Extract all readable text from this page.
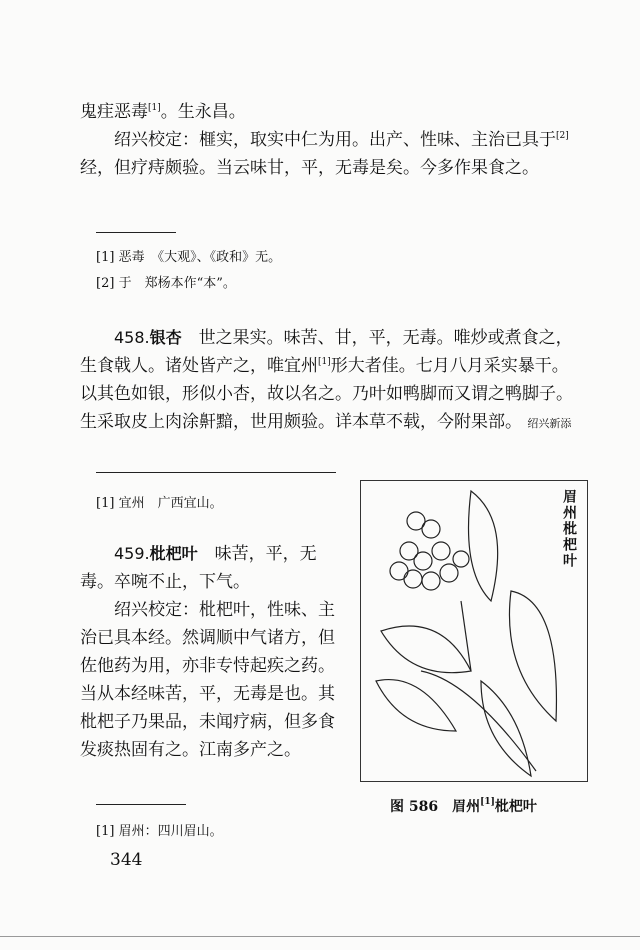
鬼疰恶毒[1]。生永昌。

绍兴校定：榧实，取实中仁为用。出产、性味、主治已具于[2]经，但疗痔颇验。当云味甘，平，无毒是矣。今多作果食之。

[1] 恶毒　《大观》、《政和》无。
[2] 于　郑杨本作“本”。

458.银杏　 世之果实。味苦、甘，平，无毒。唯炒或煮食之，生食戟人。诸处皆产之，唯宜州[1]形大者佳。七月八月采实暴干。以其色如银，形似小杏，故以名之。乃叶如鸭脚而又谓之鸭脚子。生采取皮上肉涂鼾黯，世用颇验。详本草不载，今附果部。 绍兴新添

[1] 宜州　广西宜山。

459.枇杷叶　 味苦，平，无毒。卒啘不止，下气。

绍兴校定：枇杷叶，性味、主治已具本经。然调顺中气诸方，但佐他药为用，亦非专恃起疾之药。当从本经味苦，平，无毒是也。其枇杷子乃果品，未闻疗病，但多食发痰热固有之。江南多产之。

[1] 眉州：四川眉山。
眉州枇杷叶
图 586　眉州[1]枇杷叶
344
